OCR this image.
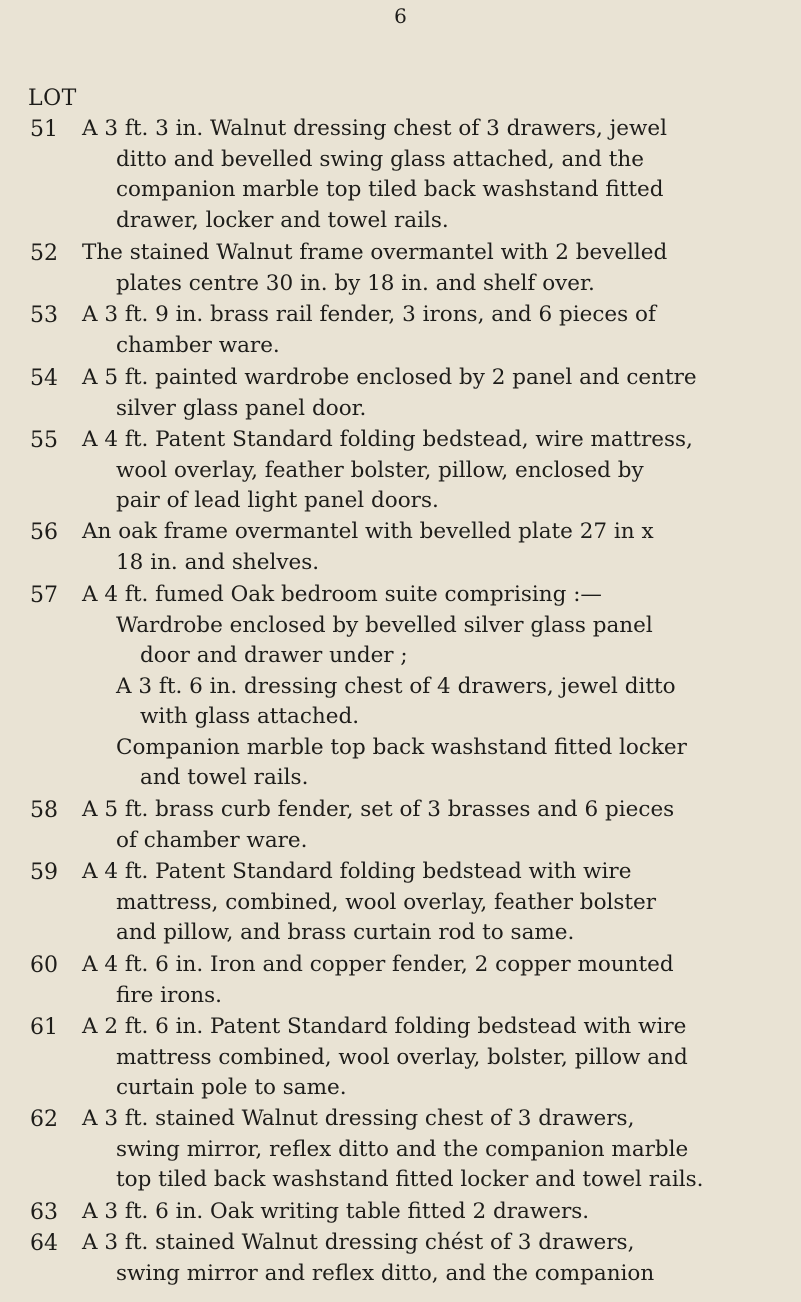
6
LOT
51 A 3 ft. 3 in. Walnut dressing chest of 3 drawers, jewel
ditto and bevelled swing glass attached, and the
companion marble top tiled back washstand fitted
drawer, locker and towel rails.
52 The stained Walnut frame overmantel with 2 bevelled
plates centre 30 in. by 18 in. and shelf over.
53 A 3 ft. 9 in. brass rail fender, 3 irons, and 6 pieces of
chamber ware.
54 A 5 ft. painted wardrobe enclosed by 2 panel and centre
silver glass panel door.
55 A 4 ft. Patent Standard folding bedstead, wire mattress,
wool overlay, feather bolster, pillow, enclosed by
pair of lead light panel doors.
56 An oak frame overmantel with bevelled plate 27 in x
18 in. and shelves.
57 A 4 ft. fumed Oak bedroom suite comprising :—
Wardrobe enclosed by bevelled silver glass panel
door and drawer under ;
A 3 ft. 6 in. dressing chest of 4 drawers, jewel ditto
with glass attached.
Companion marble top back washstand fitted locker
and towel rails.
58 A 5 ft. brass curb fender, set of 3 brasses and 6 pieces
of chamber ware.
59 A 4 ft. Patent Standard folding bedstead with wire
mattress, combined, wool overlay, feather bolster
and pillow, and brass curtain rod to same.
60 A 4 ft. 6 in. Iron and copper fender, 2 copper mounted
fire irons.
61 A 2 ft. 6 in. Patent Standard folding bedstead with wire
mattress combined, wool overlay, bolster, pillow and
curtain pole to same.
62 A 3 ft. stained Walnut dressing chest of 3 drawers,
swing mirror, reflex ditto and the companion marble
top tiled back washstand fitted locker and towel rails.
63 A 3 ft. 6 in. Oak writing table fitted 2 drawers.
64 A 3 ft. stained Walnut dressing chést of 3 drawers,
swing mirror and reflex ditto, and the companion
